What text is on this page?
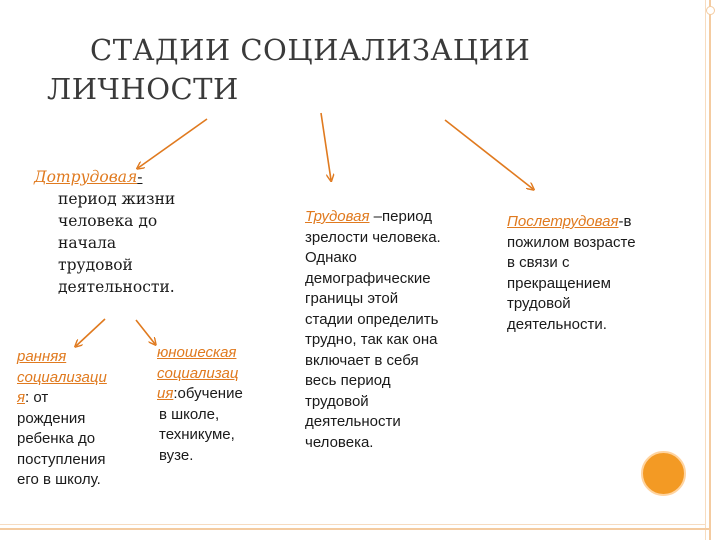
СТАДИИ СОЦИАЛИЗАЦИИ
ЛИЧНОСТИ
Дотрудовая-
период жизни
человека до
начала
трудовой
деятельности.
ранняя
социализаци
я: от
рождения
ребенка до
поступления
его в школу.
юношеская
социализац
ия:обучение
в школе,
техникуме,
вузе.
Трудовая –период
зрелости человека.
Однако
демографические
границы этой
стадии определить
трудно, так как она
включает в себя
весь период
трудовой
деятельности
человека.
Послетрудовая-в
пожилом возрасте
в связи с
прекращением
трудовой
деятельности.
